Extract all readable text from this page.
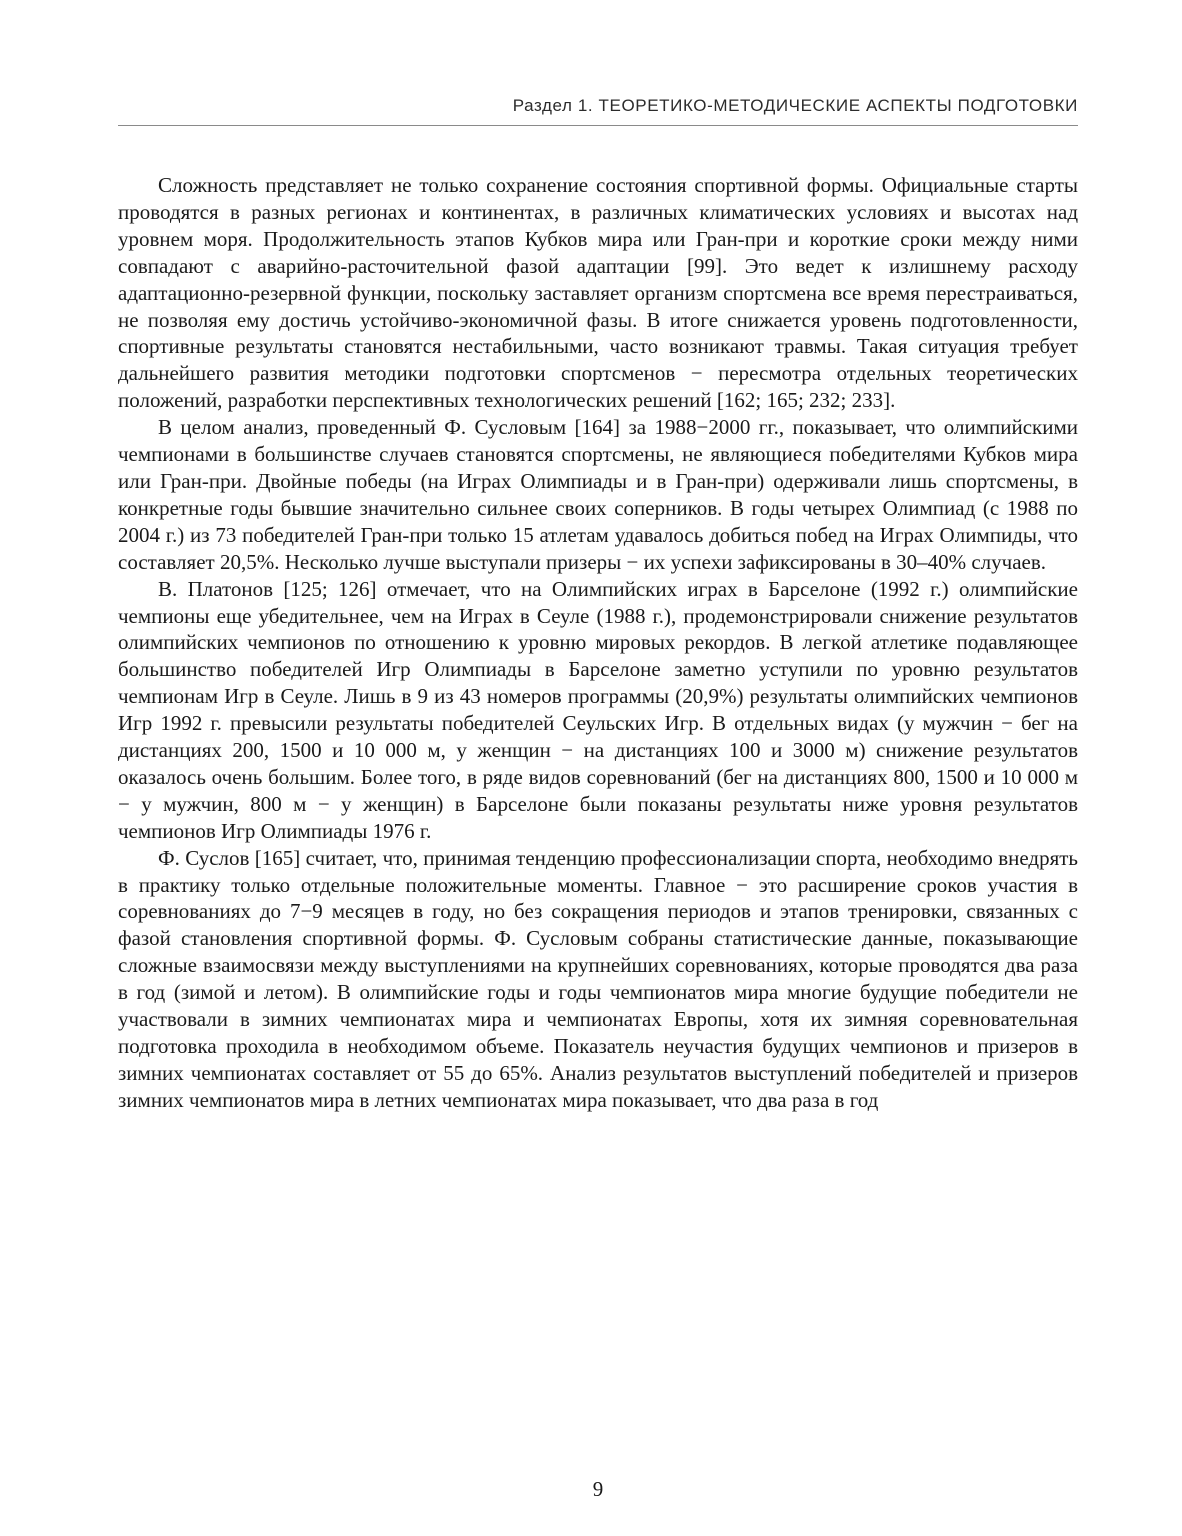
Раздел 1. ТЕОРЕТИКО-МЕТОДИЧЕСКИЕ АСПЕКТЫ ПОДГОТОВКИ

Сложность представляет не только сохранение состояния спортивной формы. Официальные старты проводятся в разных регионах и континентах, в различных климатических условиях и высотах над уровнем моря. Продолжительность этапов Кубков мира или Гран-при и короткие сроки между ними совпадают с аварийно-расточительной фазой адаптации [99]. Это ведет к излишнему расходу адаптационно-резервной функции, поскольку заставляет организм спортсмена все время перестраиваться, не позволяя ему достичь устойчиво-экономичной фазы. В итоге снижается уровень подготовленности, спортивные результаты становятся нестабильными, часто возникают травмы. Такая ситуация требует дальнейшего развития методики подготовки спортсменов − пересмотра отдельных теоретических положений, разработки перспективных технологических решений [162; 165; 232; 233].

В целом анализ, проведенный Ф. Сусловым [164] за 1988−2000 гг., показывает, что олимпийскими чемпионами в большинстве случаев становятся спортсмены, не являющиеся победителями Кубков мира или Гран-при. Двойные победы (на Играх Олимпиады и в Гран-при) одерживали лишь спортсмены, в конкретные годы бывшие значительно сильнее своих соперников. В годы четырех Олимпиад (с 1988 по 2004 г.) из 73 победителей Гран-при только 15 атлетам удавалось добиться побед на Играх Олимпиды, что составляет 20,5%. Несколько лучше выступали призеры − их успехи зафиксированы в 30–40% случаев.

В. Платонов [125; 126] отмечает, что на Олимпийских играх в Барселоне (1992 г.) олимпийские чемпионы еще убедительнее, чем на Играх в Сеуле (1988 г.), продемонстрировали снижение результатов олимпийских чемпионов по отношению к уровню мировых рекордов. В легкой атлетике подавляющее большинство победителей Игр Олимпиады в Барселоне заметно уступили по уровню результатов чемпионам Игр в Сеуле. Лишь в 9 из 43 номеров программы (20,9%) результаты олимпийских чемпионов Игр 1992 г. превысили результаты победителей Сеульских Игр. В отдельных видах (у мужчин − бег на дистанциях 200, 1500 и 10 000 м, у женщин − на дистанциях 100 и 3000 м) снижение результатов оказалось очень большим. Более того, в ряде видов соревнований (бег на дистанциях 800, 1500 и 10 000 м − у мужчин, 800 м − у женщин) в Барселоне были показаны результаты ниже уровня результатов чемпионов Игр Олимпиады 1976 г.

Ф. Суслов [165] считает, что, принимая тенденцию профессионализации спорта, необходимо внедрять в практику только отдельные положительные моменты. Главное − это расширение сроков участия в соревнованиях до 7−9 месяцев в году, но без сокращения периодов и этапов тренировки, связанных с фазой становления спортивной формы. Ф. Сусловым собраны статистические данные, показывающие сложные взаимосвязи между выступлениями на крупнейших соревнованиях, которые проводятся два раза в год (зимой и летом). В олимпийские годы и годы чемпионатов мира многие будущие победители не участвовали в зимних чемпионатах мира и чемпионатах Европы, хотя их зимняя соревновательная подготовка проходила в необходимом объеме. Показатель неучастия будущих чемпионов и призеров в зимних чемпионатах составляет от 55 до 65%. Анализ результатов выступлений победителей и призеров зимних чемпионатов мира в летних чемпионатах мира показывает, что два раза в год

9
